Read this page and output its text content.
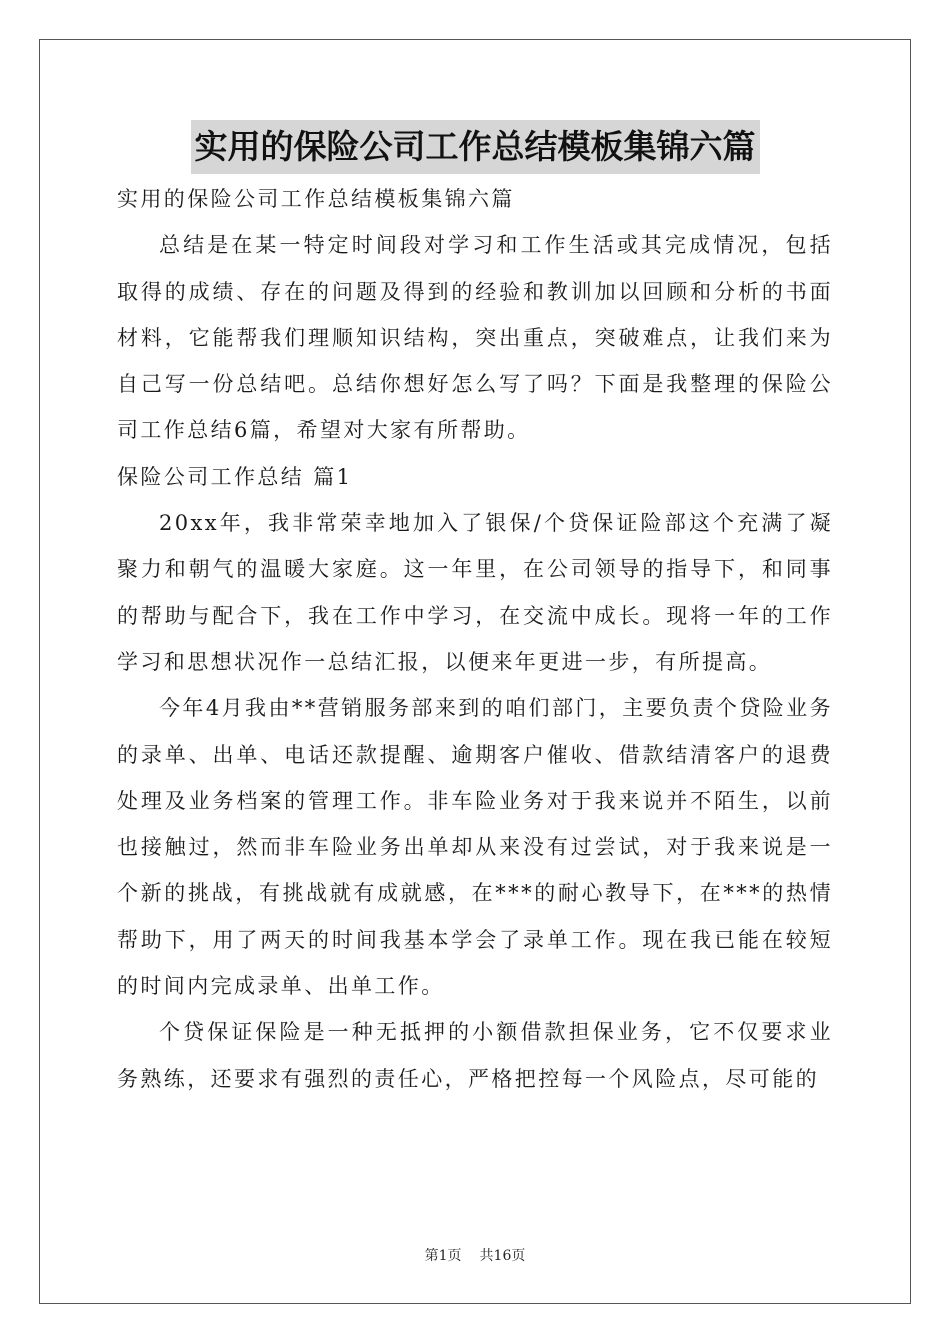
实用的保险公司工作总结模板集锦六篇

实用的保险公司工作总结模板集锦六篇

总结是在某一特定时间段对学习和工作生活或其完成情况，包括取得的成绩、存在的问题及得到的经验和教训加以回顾和分析的书面材料，它能帮我们理顺知识结构，突出重点，突破难点，让我们来为自己写一份总结吧。总结你想好怎么写了吗？下面是我整理的保险公司工作总结6篇，希望对大家有所帮助。

保险公司工作总结 篇1

20xx年，我非常荣幸地加入了银保/个贷保证险部这个充满了凝聚力和朝气的温暖大家庭。这一年里，在公司领导的指导下，和同事的帮助与配合下，我在工作中学习，在交流中成长。现将一年的工作学习和思想状况作一总结汇报，以便来年更进一步，有所提高。

今年4月我由**营销服务部来到的咱们部门，主要负责个贷险业务的录单、出单、电话还款提醒、逾期客户催收、借款结清客户的退费处理及业务档案的管理工作。非车险业务对于我来说并不陌生，以前也接触过，然而非车险业务出单却从来没有过尝试，对于我来说是一个新的挑战，有挑战就有成就感，在***的耐心教导下，在***的热情帮助下，用了两天的时间我基本学会了录单工作。现在我已能在较短的时间内完成录单、出单工作。

个贷保证保险是一种无抵押的小额借款担保业务，它不仅要求业务熟练，还要求有强烈的责任心，严格把控每一个风险点，尽可能的

第1页 共16页
